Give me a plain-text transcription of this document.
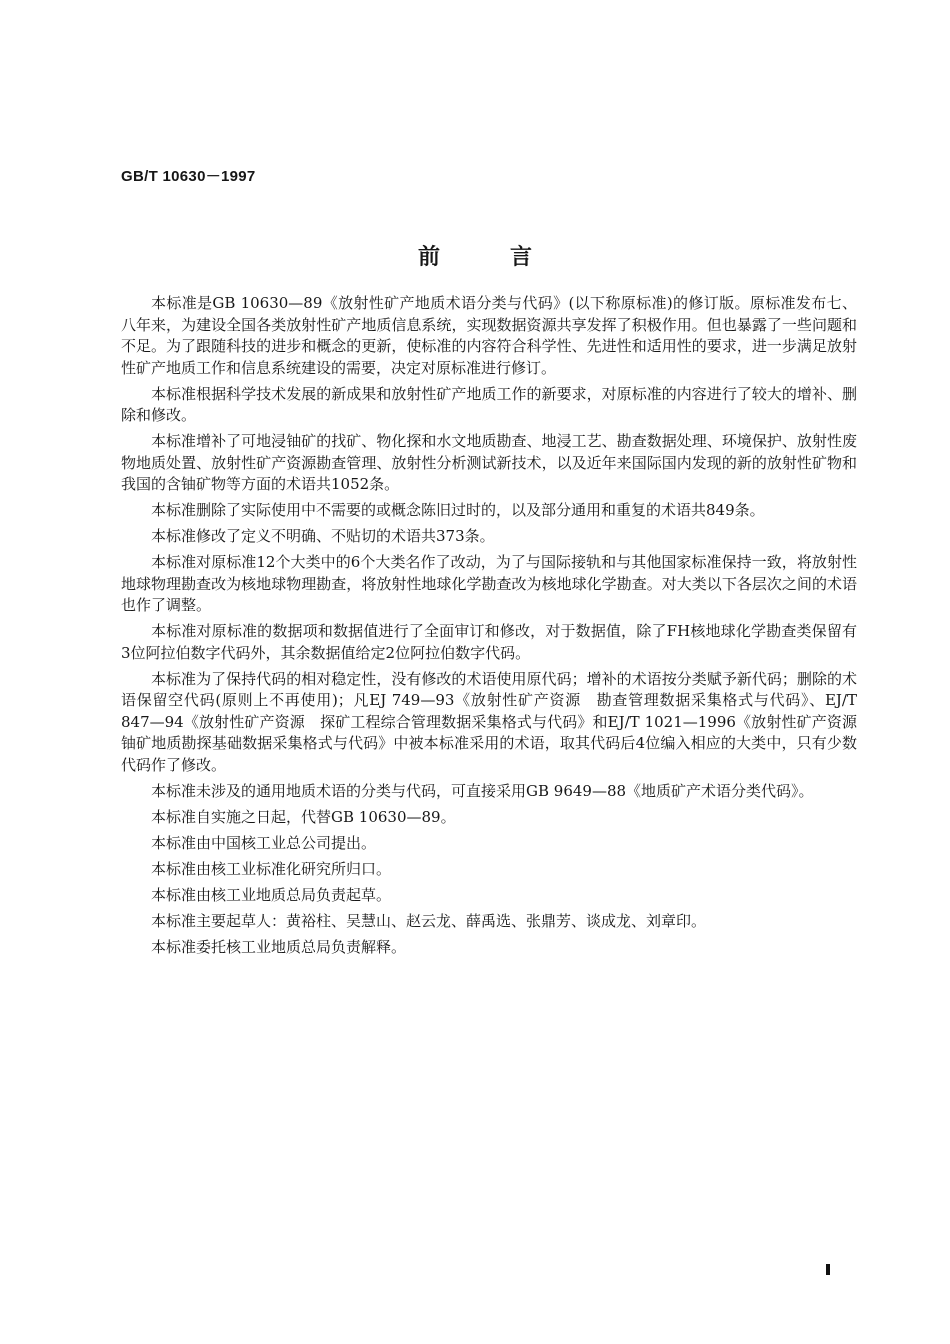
GB/T 10630－1997
前言

本标准是GB 10630—89《放射性矿产地质术语分类与代码》(以下称原标准)的修订版。原标准发布七、八年来，为建设全国各类放射性矿产地质信息系统，实现数据资源共享发挥了积极作用。但也暴露了一些问题和不足。为了跟随科技的进步和概念的更新，使标准的内容符合科学性、先进性和适用性的要求，进一步满足放射性矿产地质工作和信息系统建设的需要，决定对原标准进行修订。

本标准根据科学技术发展的新成果和放射性矿产地质工作的新要求，对原标准的内容进行了较大的增补、删除和修改。

本标准增补了可地浸铀矿的找矿、物化探和水文地质勘查、地浸工艺、勘查数据处理、环境保护、放射性废物地质处置、放射性矿产资源勘查管理、放射性分析测试新技术，以及近年来国际国内发现的新的放射性矿物和我国的含铀矿物等方面的术语共1052条。

本标准删除了实际使用中不需要的或概念陈旧过时的，以及部分通用和重复的术语共849条。

本标准修改了定义不明确、不贴切的术语共373条。

本标准对原标准12个大类中的6个大类名作了改动，为了与国际接轨和与其他国家标准保持一致，将放射性地球物理勘查改为核地球物理勘查，将放射性地球化学勘查改为核地球化学勘查。对大类以下各层次之间的术语也作了调整。

本标准对原标准的数据项和数据值进行了全面审订和修改，对于数据值，除了FH核地球化学勘查类保留有3位阿拉伯数字代码外，其余数据值给定2位阿拉伯数字代码。

本标准为了保持代码的相对稳定性，没有修改的术语使用原代码；增补的术语按分类赋予新代码；删除的术语保留空代码(原则上不再使用)；凡EJ 749—93《放射性矿产资源　勘查管理数据采集格式与代码》、EJ/T 847—94《放射性矿产资源　探矿工程综合管理数据采集格式与代码》和EJ/T 1021—1996《放射性矿产资源　铀矿地质勘探基础数据采集格式与代码》中被本标准采用的术语，取其代码后4位编入相应的大类中，只有少数代码作了修改。

本标准未涉及的通用地质术语的分类与代码，可直接采用GB 9649—88《地质矿产术语分类代码》。

本标准自实施之日起，代替GB 10630—89。

本标准由中国核工业总公司提出。

本标准由核工业标准化研究所归口。

本标准由核工业地质总局负责起草。

本标准主要起草人：黄裕柱、吴慧山、赵云龙、薛禹选、张鼎芳、谈成龙、刘章印。

本标准委托核工业地质总局负责解释。
